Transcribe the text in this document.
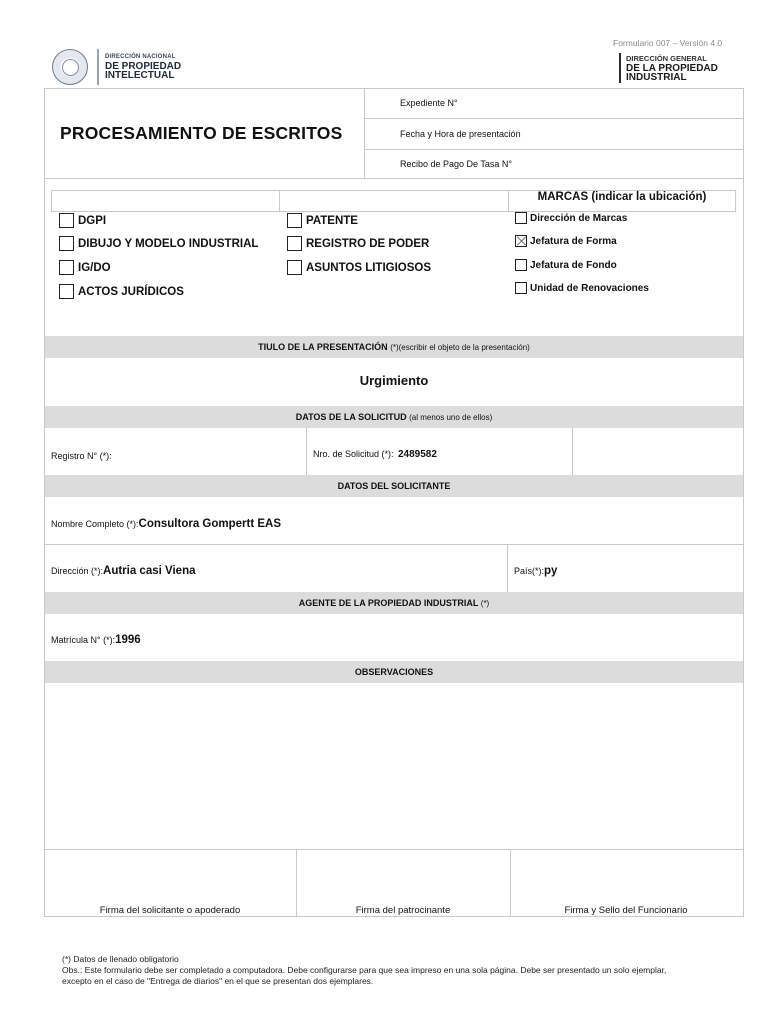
Formulario 007 – Versión 4.0
DIRECCIÓN NACIONAL
DE PROPIEDAD
INTELECTUAL
DIRECCIÓN GENERAL
DE LA PROPIEDAD
INDUSTRIAL
PROCESAMIENTO DE ESCRITOS
Expediente N°
Fecha y Hora de presentación
Recibo de Pago De Tasa N°
MARCAS (indicar la ubicación)
DGPI
DIBUJO Y MODELO INDUSTRIAL
IG/DO
ACTOS JURÍDICOS
PATENTE
REGISTRO DE PODER
ASUNTOS LITIGIOSOS
Dirección de Marcas
Jefatura de Forma
Jefatura de Fondo
Unidad de Renovaciones
TIULO DE LA PRESENTACIÓN (*)(escribir el objeto de la presentación)
Urgimiento
DATOS DE LA SOLICITUD (al menos uno de ellos)
Registro N° (*):	Nro. de Solicitud (*): 2489582
DATOS DEL SOLICITANTE
Nombre Completo (*):Consultora Gompertt EAS
Dirección (*):Autria casi Viena	País(*):py
AGENTE DE LA PROPIEDAD INDUSTRIAL (*)
Matrícula N° (*):1996
OBSERVACIONES
Firma del solicitante o apoderado	Firma del patrocinante	Firma y Sello del Funcionario
(*) Datos de llenado obligatorio
Obs.: Este formulario debe ser completado a computadora. Debe configurarse para que sea impreso en una sola página. Debe ser presentado un solo ejemplar,
excepto en el caso de "Entrega de diarios" en el que se presentan dos ejemplares.
